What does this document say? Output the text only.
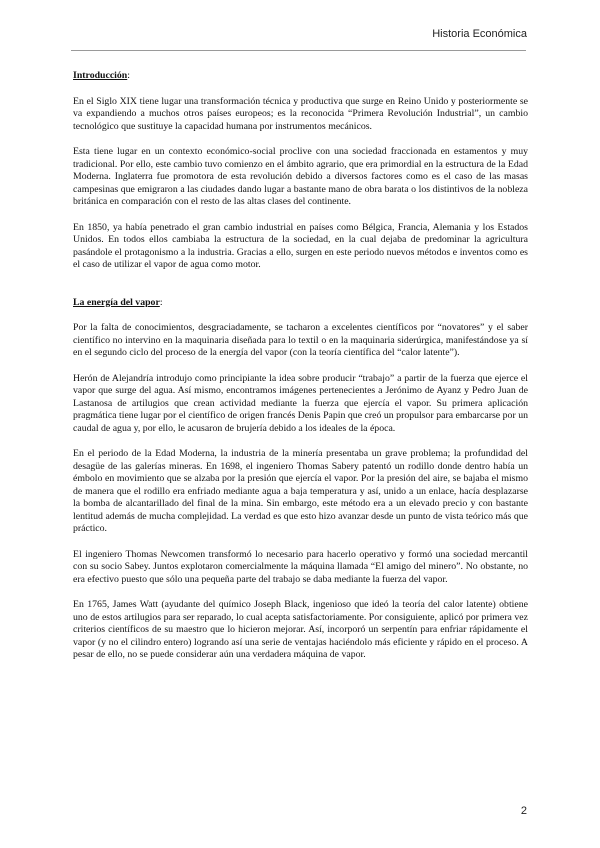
Historia Económica

Introducción:

En el Siglo XIX tiene lugar una transformación técnica y productiva que surge en Reino Unido y posteriormente se va expandiendo a muchos otros países europeos; es la reconocida “Primera Revolución Industrial”, un cambio tecnológico que sustituye la capacidad humana por instrumentos mecánicos.

Esta tiene lugar en un contexto económico-social proclive con una sociedad fraccionada en estamentos y muy tradicional. Por ello, este cambio tuvo comienzo en el ámbito agrario, que era primordial en la estructura de la Edad Moderna. Inglaterra fue promotora de esta revolución debido a diversos factores como es el caso de las masas campesinas que emigraron a las ciudades dando lugar a bastante mano de obra barata o los distintivos de la nobleza británica en comparación con el resto de las altas clases del continente.

En 1850, ya había penetrado el gran cambio industrial en países como Bélgica, Francia, Alemania y los Estados Unidos. En todos ellos cambiaba la estructura de la sociedad, en la cual dejaba de predominar la agricultura pasándole el protagonismo a la industria. Gracias a ello, surgen en este periodo nuevos métodos e inventos como es el caso de utilizar el vapor de agua como motor.

La energía del vapor:

Por la falta de conocimientos, desgraciadamente, se tacharon a excelentes científicos por “novatores” y el saber científico no intervino en la maquinaria diseñada para lo textil o en la maquinaria siderúrgica, manifestándose ya sí en el segundo ciclo del proceso de la energía del vapor (con la teoría científica del “calor latente”).

Herón de Alejandría introdujo como principiante la idea sobre producir “trabajo” a partir de la fuerza que ejerce el vapor que surge del agua. Así mismo, encontramos imágenes pertenecientes a Jerónimo de Ayanz y Pedro Juan de Lastanosa de artilugios que crean actividad mediante la fuerza que ejercía el vapor. Su primera aplicación pragmática tiene lugar por el científico de origen francés Denis Papin que creó un propulsor para embarcarse por un caudal de agua y, por ello, le acusaron de brujería debido a los ideales de la época.

En el periodo de la Edad Moderna, la industria de la minería presentaba un grave problema; la profundidad del desagüe de las galerías mineras. En 1698, el ingeniero Thomas Sabery patentó un rodillo donde dentro había un émbolo en movimiento que se alzaba por la presión que ejercía el vapor. Por la presión del aire, se bajaba el mismo de manera que el rodillo era enfriado mediante agua a baja temperatura y así, unido a un enlace, hacía desplazarse la bomba de alcantarillado del final de la mina. Sin embargo, este método era a un elevado precio y con bastante lentitud además de mucha complejidad. La verdad es que esto hizo avanzar desde un punto de vista teórico más que práctico.

El ingeniero Thomas Newcomen transformó lo necesario para hacerlo operativo y formó una sociedad mercantil con su socio Sabey. Juntos explotaron comercialmente la máquina llamada “El amigo del minero”. No obstante, no era efectivo puesto que sólo una pequeña parte del trabajo se daba mediante la fuerza del vapor.

En 1765, James Watt (ayudante del químico Joseph Black, ingenioso que ideó la teoría del calor latente) obtiene uno de estos artilugios para ser reparado, lo cual acepta satisfactoriamente. Por consiguiente, aplicó por primera vez criterios científicos de su maestro que lo hicieron mejorar. Así, incorporó un serpentín para enfriar rápidamente el vapor (y no el cilindro entero) logrando así una serie de ventajas haciéndolo más eficiente y rápido en el proceso. A pesar de ello, no se puede considerar aún una verdadera máquina de vapor.

2
